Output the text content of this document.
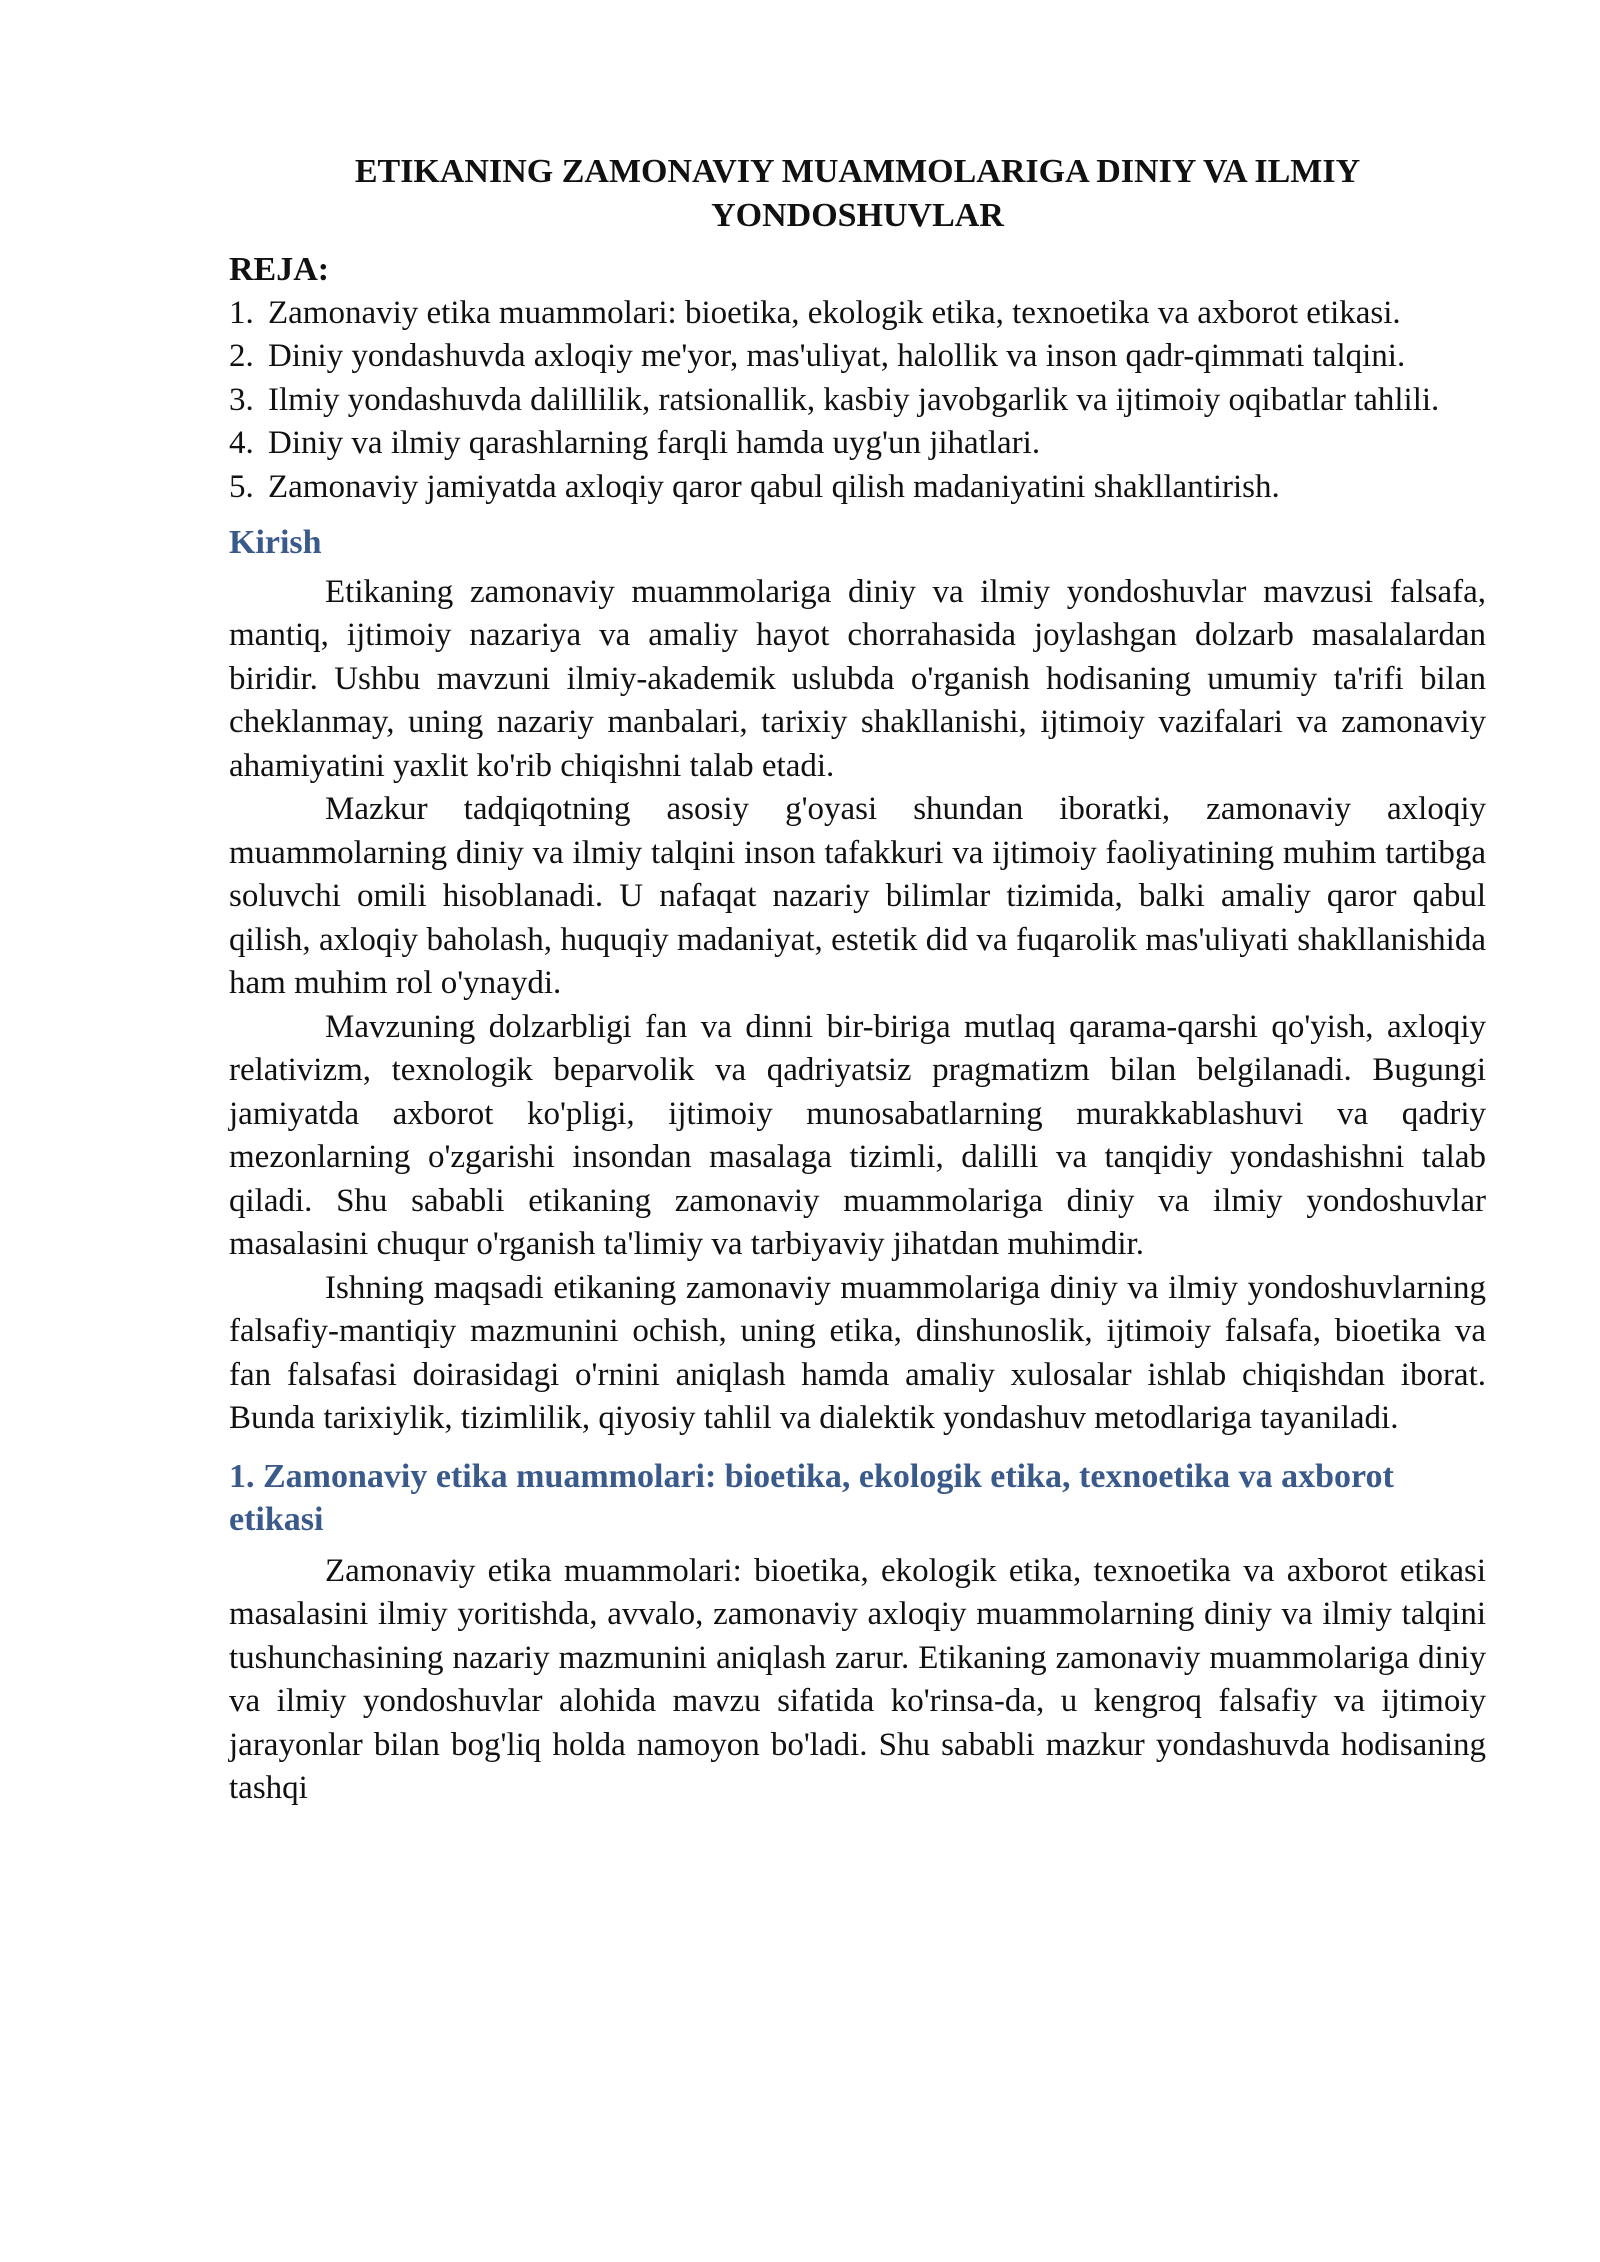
ETIKANING ZAMONAVIY MUAMMOLARIGA DINIY VA ILMIY
YONDOSHUVLAR
REJA:
1. Zamonaviy etika muammolari: bioetika, ekologik etika, texnoetika va axborot etikasi.
2. Diniy yondashuvda axloqiy me'yor, mas'uliyat, halollik va inson qadr-qimmati talqini.
3. Ilmiy yondashuvda dalillilik, ratsionallik, kasbiy javobgarlik va ijtimoiy oqibatlar tahlili.
4. Diniy va ilmiy qarashlarning farqli hamda uyg'un jihatlari.
5. Zamonaviy jamiyatda axloqiy qaror qabul qilish madaniyatini shakllantirish.
Kirish

Etikaning zamonaviy muammolariga diniy va ilmiy yondoshuvlar mavzusi falsafa, mantiq, ijtimoiy nazariya va amaliy hayot chorrahasida joylashgan dolzarb masalalardan biridir. Ushbu mavzuni ilmiy-akademik uslubda o'rganish hodisaning umumiy ta'rifi bilan cheklanmay, uning nazariy manbalari, tarixiy shakllanishi, ijtimoiy vazifalari va zamonaviy ahamiyatini yaxlit ko'rib chiqishni talab etadi.

Mazkur tadqiqotning asosiy g'oyasi shundan iboratki, zamonaviy axloqiy muammolarning diniy va ilmiy talqini inson tafakkuri va ijtimoiy faoliyatining muhim tartibga soluvchi omili hisoblanadi. U nafaqat nazariy bilimlar tizimida, balki amaliy qaror qabul qilish, axloqiy baholash, huquqiy madaniyat, estetik did va fuqarolik mas'uliyati shakllanishida ham muhim rol o'ynaydi.

Mavzuning dolzarbligi fan va dinni bir-biriga mutlaq qarama-qarshi qo'yish, axloqiy relativizm, texnologik beparvolik va qadriyatsiz pragmatizm bilan belgilanadi. Bugungi jamiyatda axborot ko'pligi, ijtimoiy munosabatlarning murakkablashuvi va qadriy mezonlarning o'zgarishi insondan masalaga tizimli, dalilli va tanqidiy yondashishni talab qiladi. Shu sababli etikaning zamonaviy muammolariga diniy va ilmiy yondoshuvlar masalasini chuqur o'rganish ta'limiy va tarbiyaviy jihatdan muhimdir.

Ishning maqsadi etikaning zamonaviy muammolariga diniy va ilmiy yondoshuvlarning falsafiy-mantiqiy mazmunini ochish, uning etika, dinshunoslik, ijtimoiy falsafa, bioetika va fan falsafasi doirasidagi o'rnini aniqlash hamda amaliy xulosalar ishlab chiqishdan iborat. Bunda tarixiylik, tizimlilik, qiyosiy tahlil va dialektik yondashuv metodlariga tayaniladi.

1. Zamonaviy etika muammolari: bioetika, ekologik etika, texnoetika va axborot etikasi

Zamonaviy etika muammolari: bioetika, ekologik etika, texnoetika va axborot etikasi masalasini ilmiy yoritishda, avvalo, zamonaviy axloqiy muammolarning diniy va ilmiy talqini tushunchasining nazariy mazmunini aniqlash zarur. Etikaning zamonaviy muammolariga diniy va ilmiy yondoshuvlar alohida mavzu sifatida ko'rinsa-da, u kengroq falsafiy va ijtimoiy jarayonlar bilan bog'liq holda namoyon bo'ladi. Shu sababli mazkur yondashuvda hodisaning tashqi
